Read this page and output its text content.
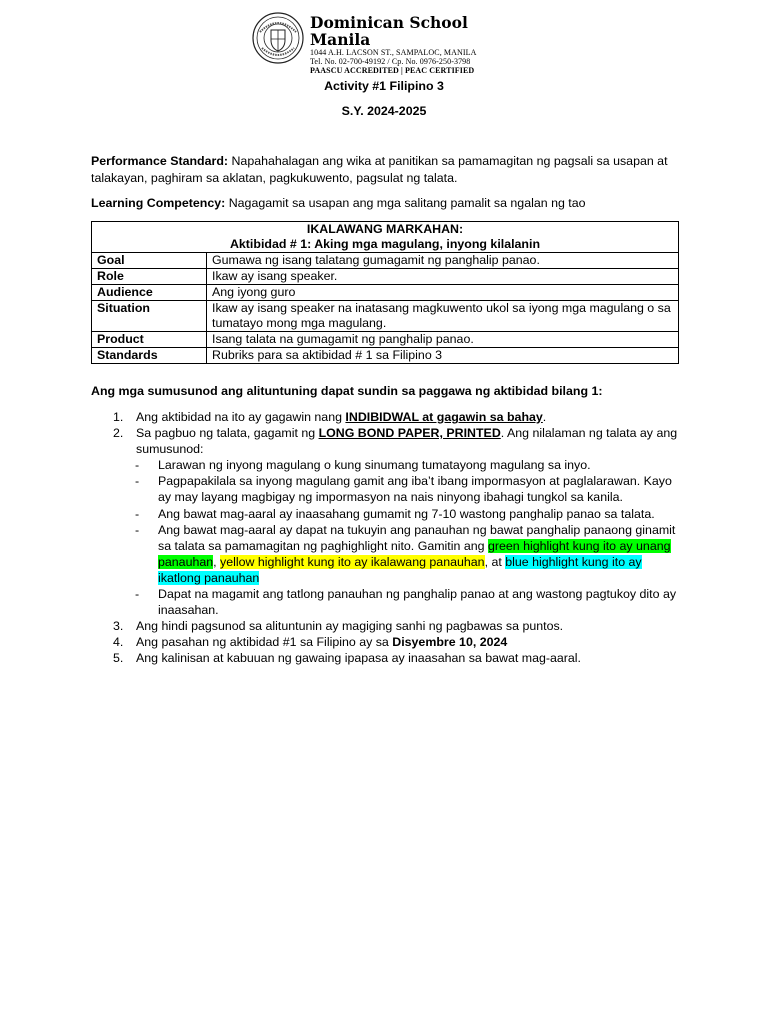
Dominican School Manila
1044 A.H. LACSON ST., SAMPALOC, MANILA
Tel. No. 02-700-49192 / Cp. No. 0976-250-3798
PAASCU ACCREDITED | PEAC CERTIFIED
Activity #1 Filipino 3
S.Y. 2024-2025
Performance Standard: Napahahalagan ang wika at panitikan sa pamamagitan ng pagsali sa usapan at talakayan, paghiram sa aklatan, pagkukuwento, pagsulat ng talata.
Learning Competency: Nagagamit sa usapan ang mga salitang pamalit sa ngalan ng tao
IKALAWANG MARKAHAN:
Aktibidad # 1: Aking mga magulang, inyong kilalanin	

Goal	Gumawa ng isang talatang gumagamit ng panghalip panao.
Role	Ikaw ay isang speaker.
Audience	Ang iyong guro
Situation	Ikaw ay isang speaker na inatasang magkuwento ukol sa iyong mga magulang o sa tumatayo mong mga magulang.
Product	Isang talata na gumagamit ng panghalip panao.
Standards	Rubriks para sa aktibidad # 1 sa Filipino 3
Ang mga sumusunod ang alituntuning dapat sundin sa paggawa ng aktibidad bilang 1:
1. Ang aktibidad na ito ay gagawin nang INDIBIDWAL at gagawin sa bahay.
2. Sa pagbuo ng talata, gagamit ng LONG BOND PAPER, PRINTED. Ang nilalaman ng talata ay ang sumusunod:
- Larawan ng inyong magulang o kung sinumang tumatayong magulang sa inyo.
- Pagpapakilala sa inyong magulang gamit ang iba’t ibang impormasyon at paglalarawan. Kayo ay may layang magbigay ng impormasyon na nais ninyong ibahagi tungkol sa kanila.
- Ang bawat mag-aaral ay inaasahang gumamit ng 7-10 wastong panghalip panao sa talata.
- Ang bawat mag-aaral ay dapat na tukuyin ang panauhan ng bawat panghalip panaong ginamit sa talata sa pamamagitan ng paghighlight nito. Gamitin ang green highlight kung ito ay unang panauhan, yellow highlight kung ito ay ikalawang panauhan, at blue highlight kung ito ay ikatlong panauhan
- Dapat na magamit ang tatlong panauhan ng panghalip panao at ang wastong pagtukoy dito ay inaasahan.
3. Ang hindi pagsunod sa alituntunin ay magiging sanhi ng pagbawas sa puntos.
4. Ang pasahan ng aktibidad #1 sa Filipino ay sa Disyembre 10, 2024
5. Ang kalinisan at kabuuan ng gawaing ipapasa ay inaasahan sa bawat mag-aaral.
